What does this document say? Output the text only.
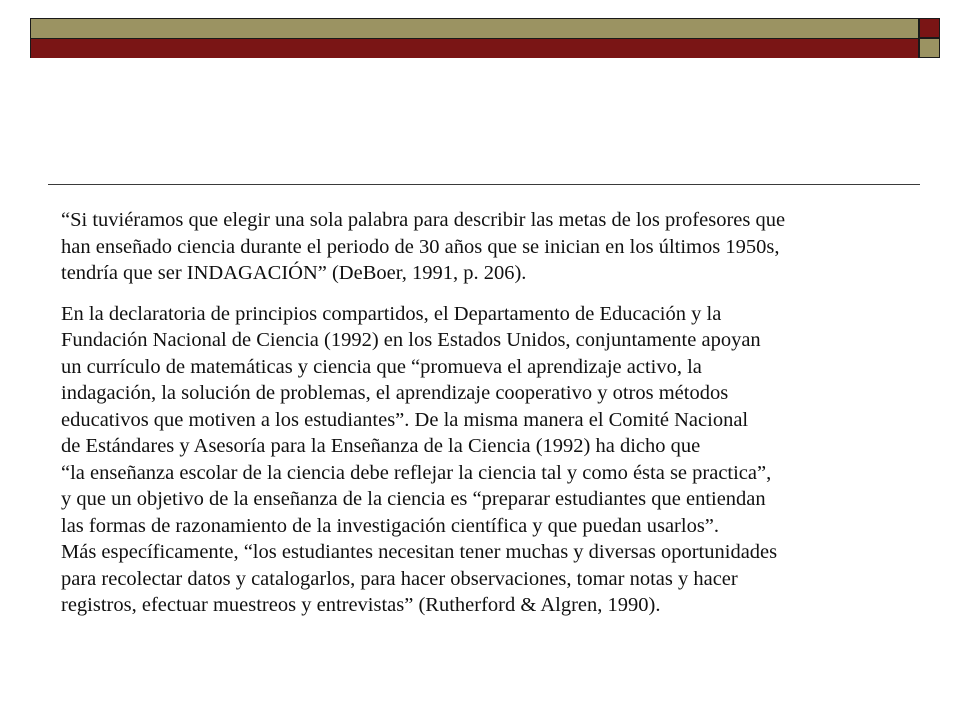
“Si tuviéramos que elegir una sola palabra para describir las metas de los profesores que
han enseñado ciencia durante el periodo de 30 años que se inician en los últimos 1950s,
tendría que ser INDAGACIÓN” (DeBoer, 1991, p. 206).

En la declaratoria de principios compartidos, el Departamento de Educación y la
Fundación Nacional de Ciencia (1992) en los Estados Unidos, conjuntamente apoyan
un currículo de matemáticas y ciencia que “promueva el aprendizaje activo, la
indagación, la solución de problemas, el aprendizaje cooperativo y otros métodos
educativos que motiven a los estudiantes”. De la misma manera el Comité Nacional
de Estándares y Asesoría para la Enseñanza de la Ciencia (1992) ha dicho que
“la enseñanza escolar de la ciencia debe reflejar la ciencia tal y como ésta se practica”,
y que un objetivo de la enseñanza de la ciencia es “preparar estudiantes que entiendan
las formas de razonamiento de la investigación científica y que puedan usarlos”.
Más específicamente, “los estudiantes necesitan tener muchas y diversas oportunidades
para recolectar datos y catalogarlos, para hacer observaciones, tomar notas y hacer
registros, efectuar muestreos y entrevistas” (Rutherford & Algren, 1990).
